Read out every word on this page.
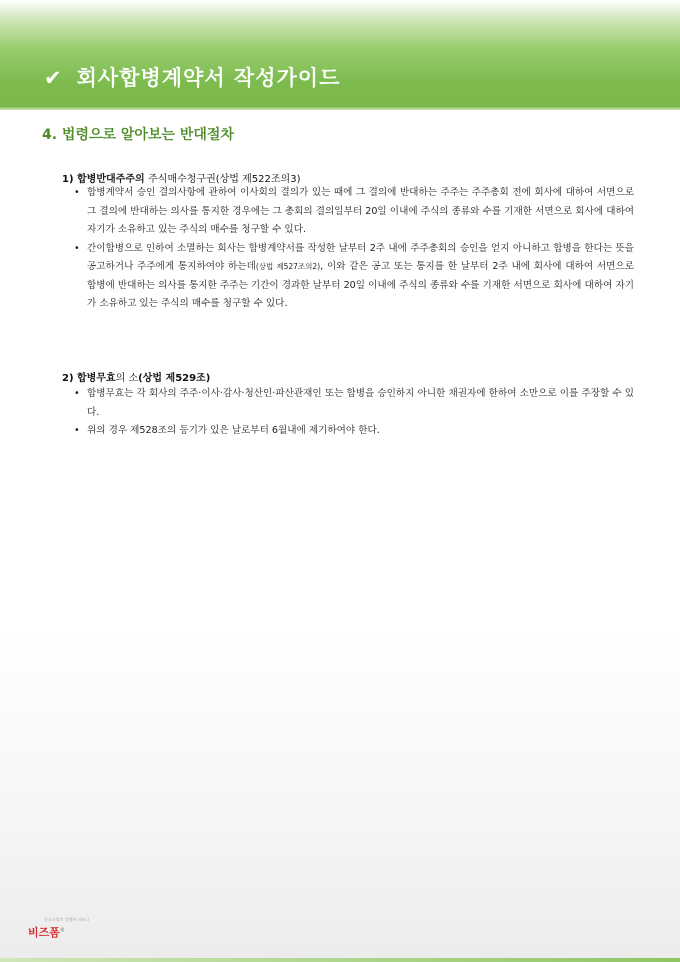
✔ 회사합병계약서 작성가이드
4. 법령으로 알아보는 반대절차
1) 합병반대주주의 주식매수청구권(상법 제522조의3)
• 합병계약서 승인 결의사항에 관하여 이사회의 결의가 있는 때에 그 결의에 반대하는 주주는 주주총회 전에 회사에 대하여 서면으로 그 결의에 반대하는 의사를 통지한 경우에는 그 총회의 결의일부터 20일 이내에 주식의 종류와 수를 기재한 서면으로 회사에 대하여 자기가 소유하고 있는 주식의 매수를 청구할 수 있다.
• 간이합병으로 인하여 소멸하는 회사는 합병계약서를 작성한 날부터 2주 내에 주주총회의 승인을 얻지 아니하고 합병을 한다는 뜻을 공고하거나 주주에게 통지하여야 하는데(상법 제527조의2), 이와 같은 공고 또는 통지를 한 날부터 2주 내에 회사에 대하여 서면으로 합병에 반대하는 의사를 통지한 주주는 기간이 경과한 날부터 20일 이내에 주식의 종류와 수를 기재한 서면으로 회사에 대하여 자기가 소유하고 있는 주식의 매수를 청구할 수 있다.
2) 합병무효의 소(상법 제529조)
• 합병무효는 각 회사의 주주·이사·감사·청산인·파산관재인 또는 합병을 승인하지 아니한 채권자에 한하여 소만으로 이를 주장할 수 있다.
• 위의 경우 제528조의 등기가 있은 날로부터 6월내에 제기하여야 한다.
중소기업의 경쟁력 파트너
비즈폼®
